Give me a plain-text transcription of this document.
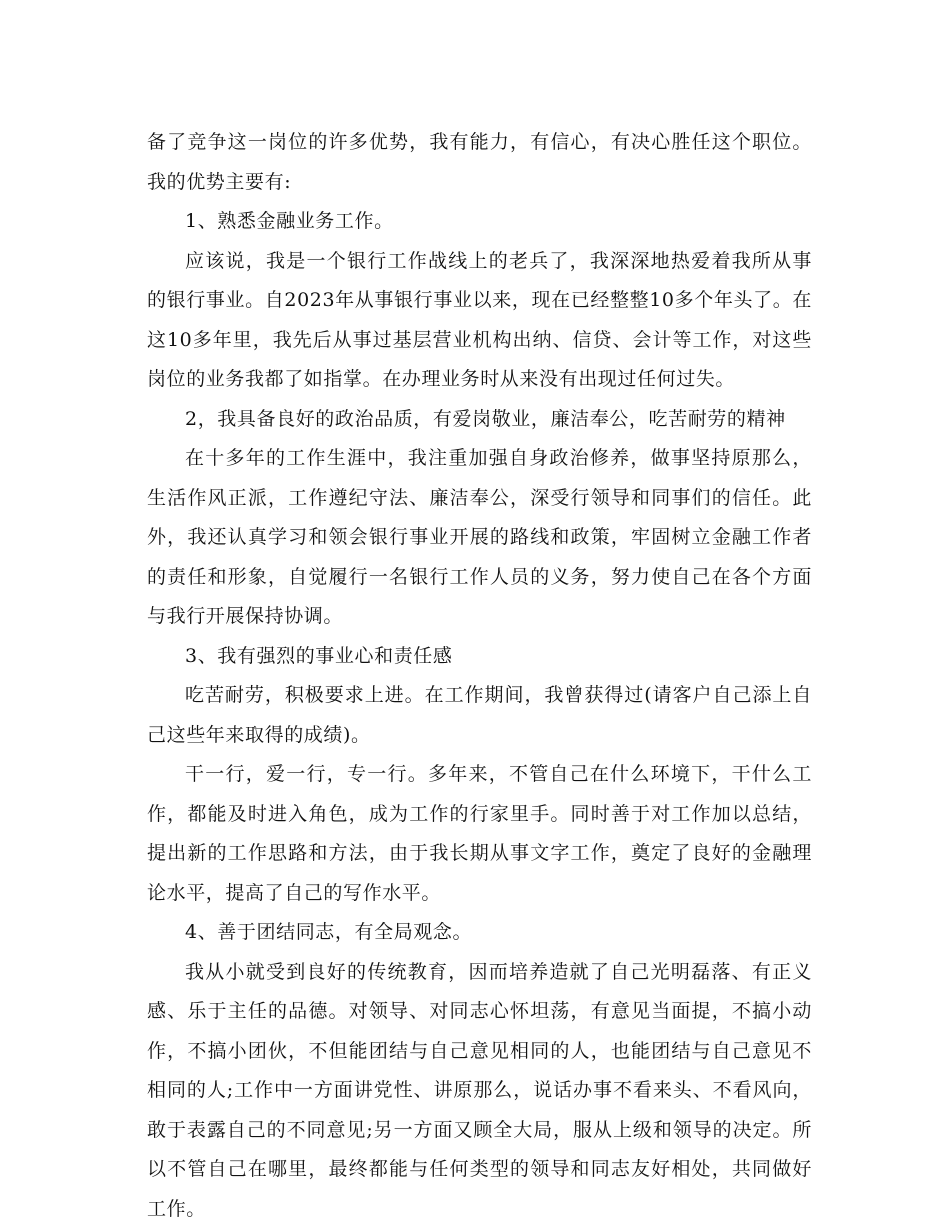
备了竞争这一岗位的许多优势，我有能力，有信心，有决心胜任这个职位。我的优势主要有:

1、熟悉金融业务工作。

应该说，我是一个银行工作战线上的老兵了，我深深地热爱着我所从事的银行事业。自2023年从事银行事业以来，现在已经整整10多个年头了。在这10多年里，我先后从事过基层营业机构出纳、信贷、会计等工作，对这些岗位的业务我都了如指掌。在办理业务时从来没有出现过任何过失。

2，我具备良好的政治品质，有爱岗敬业，廉洁奉公，吃苦耐劳的精神

在十多年的工作生涯中，我注重加强自身政治修养，做事坚持原那么，生活作风正派，工作遵纪守法、廉洁奉公，深受行领导和同事们的信任。此外，我还认真学习和领会银行事业开展的路线和政策，牢固树立金融工作者的责任和形象，自觉履行一名银行工作人员的义务，努力使自己在各个方面与我行开展保持协调。

3、我有强烈的事业心和责任感

吃苦耐劳，积极要求上进。在工作期间，我曾获得过(请客户自己添上自己这些年来取得的成绩)。

干一行，爱一行，专一行。多年来，不管自己在什么环境下，干什么工作，都能及时进入角色，成为工作的行家里手。同时善于对工作加以总结，提出新的工作思路和方法，由于我长期从事文字工作，奠定了良好的金融理论水平，提高了自己的写作水平。

4、善于团结同志，有全局观念。

我从小就受到良好的传统教育，因而培养造就了自己光明磊落、有正义感、乐于主任的品德。对领导、对同志心怀坦荡，有意见当面提，不搞小动作，不搞小团伙，不但能团结与自己意见相同的人，也能团结与自己意见不相同的人;工作中一方面讲党性、讲原那么，说话办事不看来头、不看风向，敢于表露自己的不同意见;另一方面又顾全大局，服从上级和领导的决定。所以不管自己在哪里，最终都能与任何类型的领导和同志友好相处，共同做好工作。
